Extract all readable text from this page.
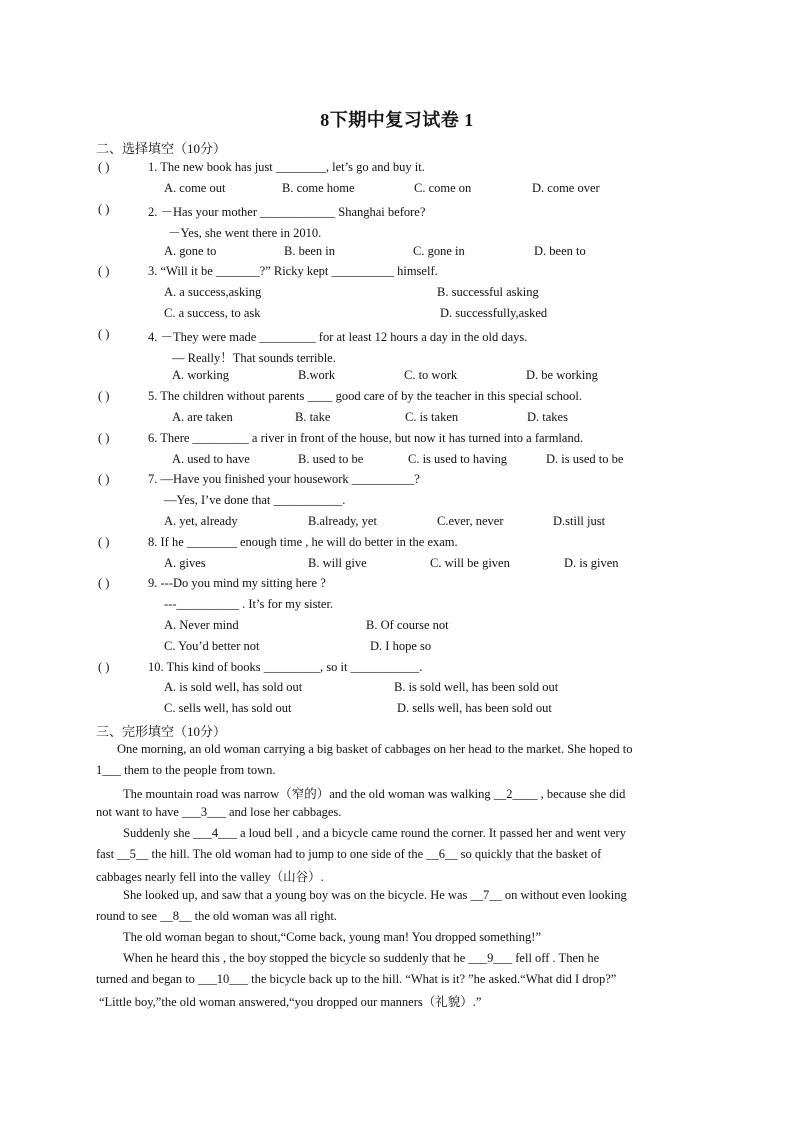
8下期中复习试卷 1
二、选择填空（10分）
( )	1. The new book has just ________, let’s go and buy it.
A. come out	B. come home	C. come on	D. come over
( )	2. －Has your mother ____________ Shanghai before?
－Yes, she went there in 2010.
A. gone to	B. been in	C. gone in	D. been to
( )	3. “Will it be _______?” Ricky kept __________ himself.
A. a success,asking	B. successful asking
C. a success, to ask	D. successfully,asked
( )	4. －They were made _________ for at least 12 hours a day in the old days.
— Really！That sounds terrible.
A. working	B.work	C. to work	D. be working
( )	5. The children without parents ____ good care of by the teacher in this special school.
A. are taken	B. take	C. is taken	D. takes
( )	6. There _________ a river in front of the house, but now it has turned into a farmland.
A. used to have	B. used to be	C. is used to having	D. is used to be
( )	7. —Have you finished your housework __________?
—Yes, I’ve done that ___________.
A. yet, already	B.already, yet	C.ever, never	D.still just
( )	8. If he ________ enough time , he will do better in the exam.
A. gives	B. will give	C. will be given	D. is given
( )	9. ---Do you mind my sitting here ?
---__________ . It’s for my sister.
A. Never mind	B. Of course not
C. You’d better not	D. I hope so
( )	10. This kind of books _________, so it ___________.
A. is sold well, has sold out	B. is sold well, has been sold out
C. sells well, has sold out	D. sells well, has been sold out
三、完形填空（10分）
One morning, an old woman carrying a big basket of cabbages on her head to the market. She hoped to
1___ them to the people from town.
The mountain road was narrow（窄的）and the old woman was walking __2____ , because she did
not want to have ___3___ and lose her cabbages.
Suddenly she ___4___ a loud bell , and a bicycle came round the corner. It passed her and went very
fast __5__ the hill. The old woman had to jump to one side of the __6__ so quickly that the basket of
cabbages nearly fell into the valley（山谷）.
She looked up, and saw that a young boy was on the bicycle. He was __7__ on without even looking
round to see __8__ the old woman was all right.
The old woman began to shout,“Come back, young man! You dropped something!”
When he heard this , the boy stopped the bicycle so suddenly that he ___9___ fell off . Then he
turned and began to ___10___ the bicycle back up to the hill. “What is it? ”he asked.“What did I drop?”
“Little boy,”the old woman answered,“you dropped our manners（礼貌）.”
